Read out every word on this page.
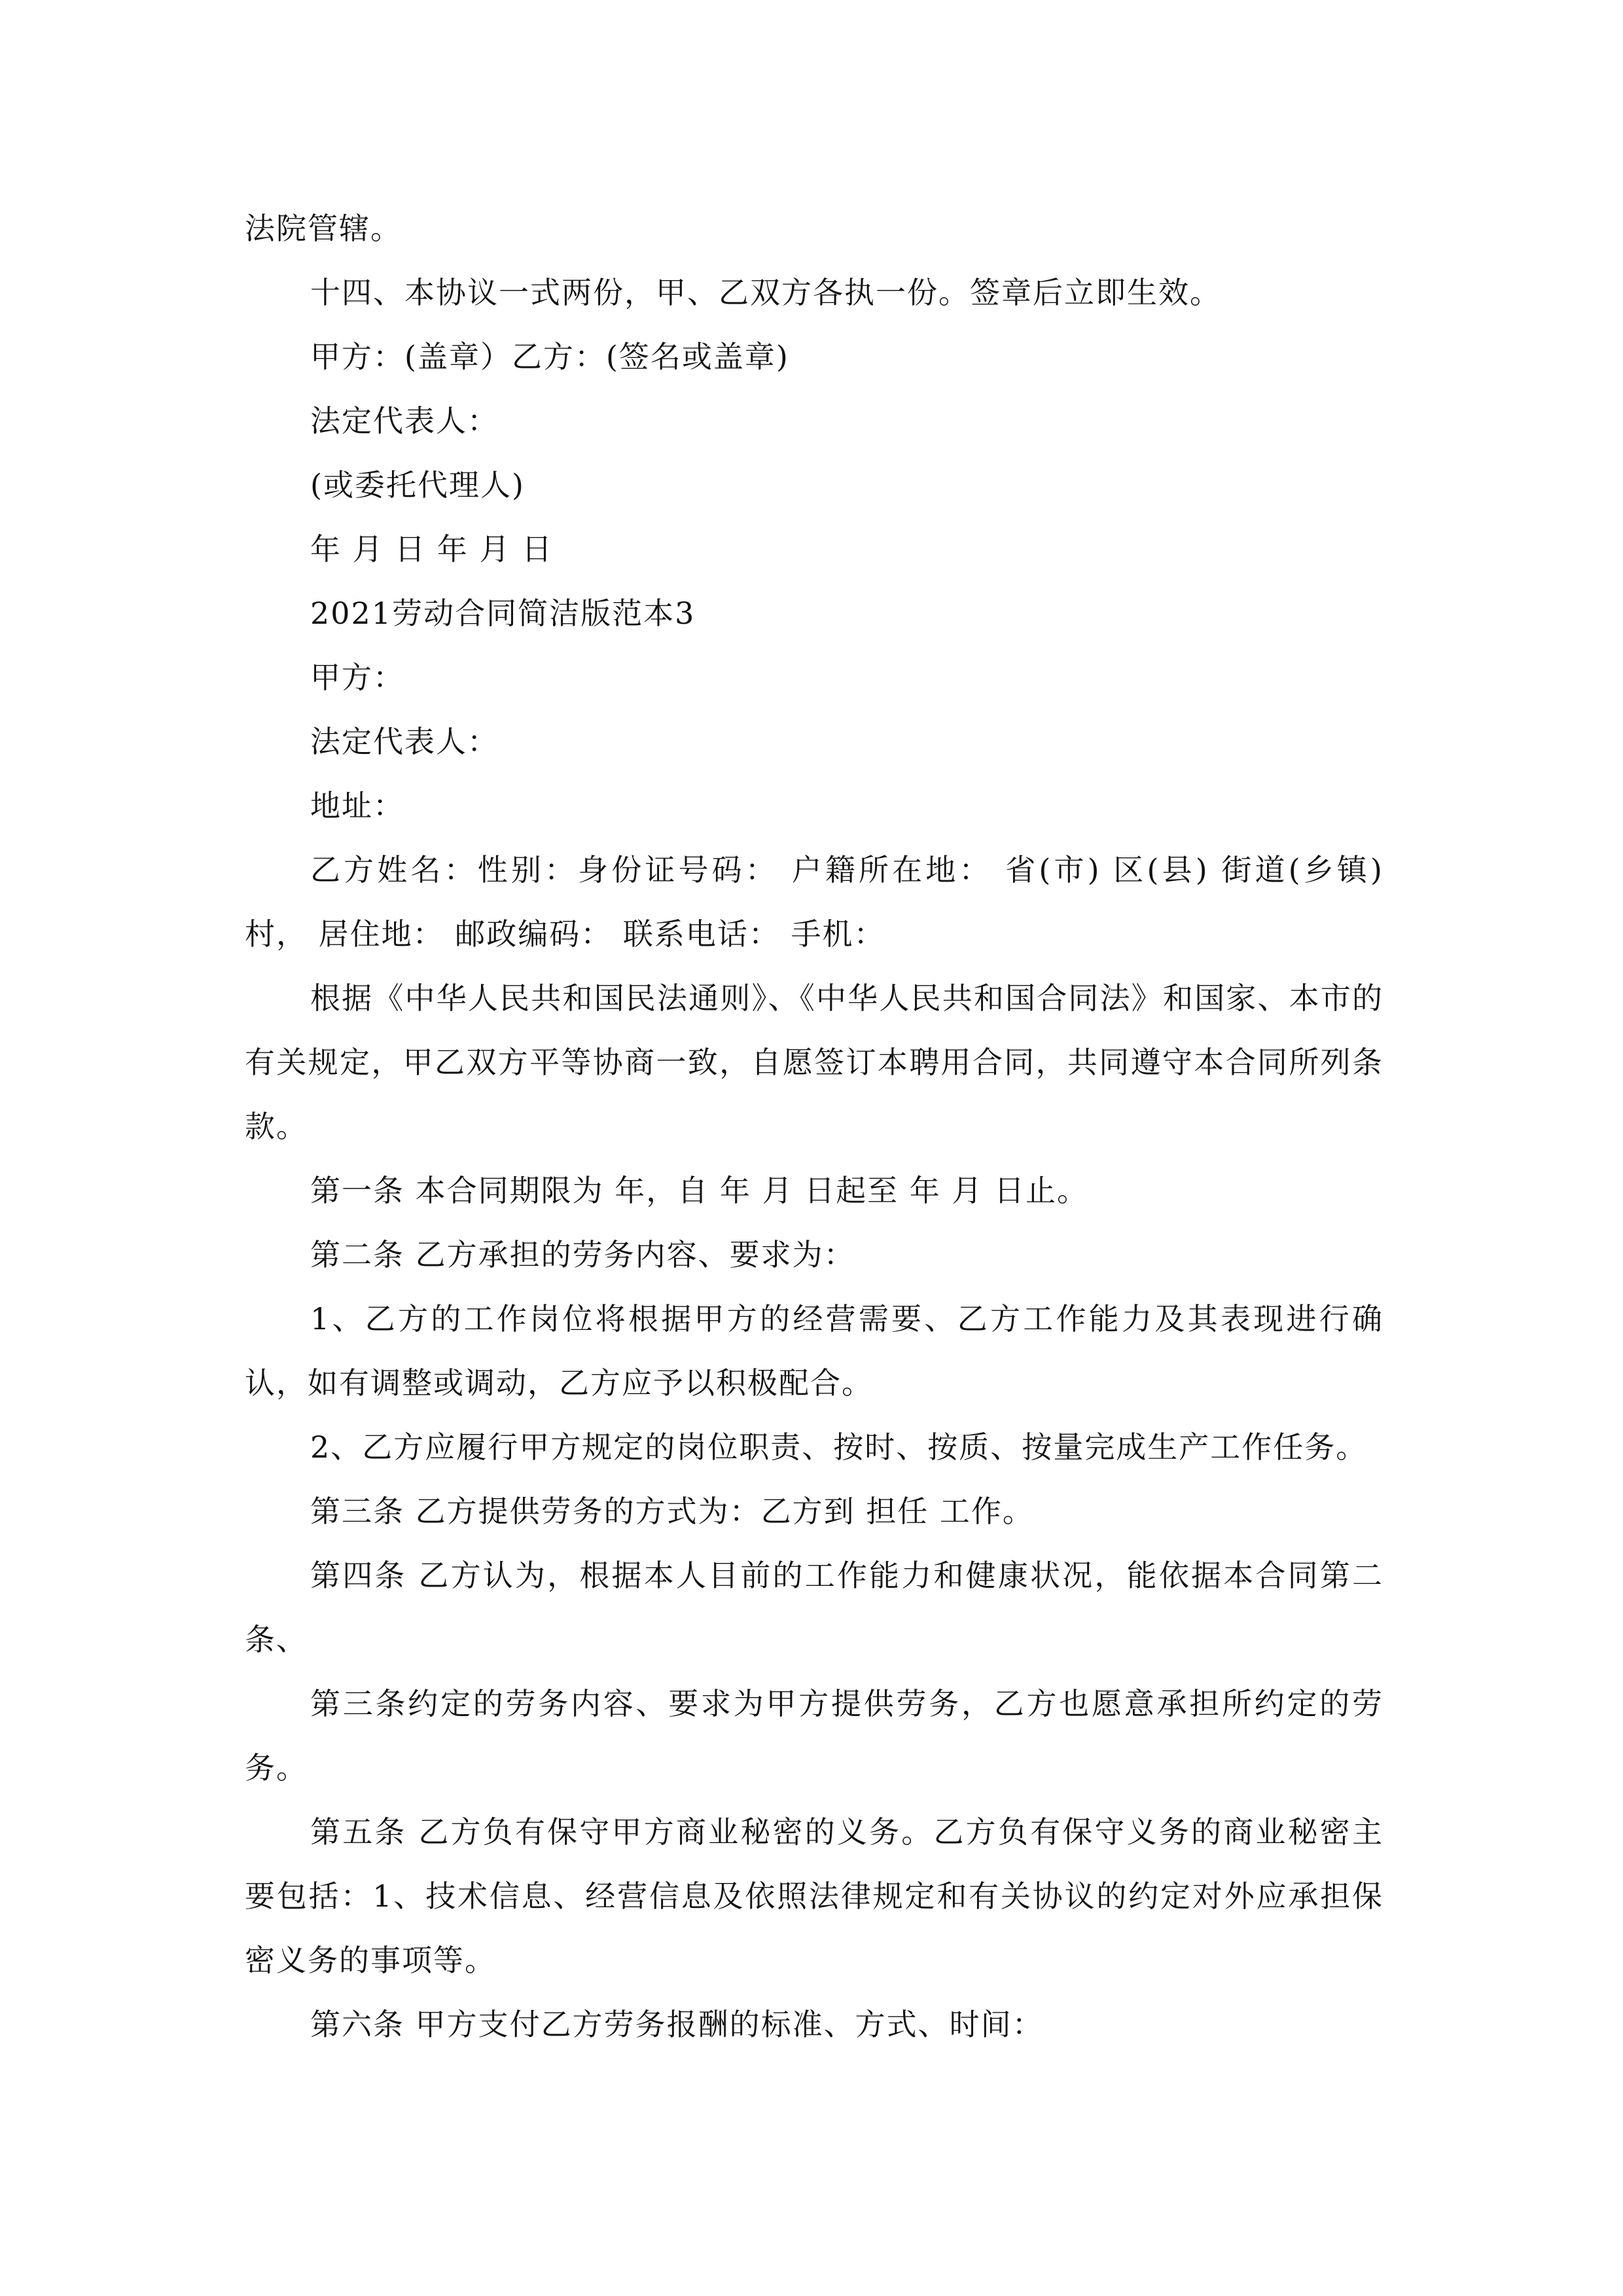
法院管辖。

十四、本协议一式两份，甲、乙双方各执一份。签章后立即生效。

甲方：(盖章）乙方：(签名或盖章)

法定代表人：

(或委托代理人)

年 月 日 年 月 日

2021劳动合同简洁版范本3

甲方：

法定代表人：

地址：

乙方姓名：性别：身份证号码： 户籍所在地： 省(市) 区(县) 街道(乡镇) 村， 居住地： 邮政编码： 联系电话： 手机：

根据《中华人民共和国民法通则》、《中华人民共和国合同法》和国家、本市的有关规定，甲乙双方平等协商一致，自愿签订本聘用合同，共同遵守本合同所列条款。

第一条 本合同期限为 年，自 年 月 日起至 年 月 日止。

第二条 乙方承担的劳务内容、要求为：

1、乙方的工作岗位将根据甲方的经营需要、乙方工作能力及其表现进行确认，如有调整或调动，乙方应予以积极配合。

2、乙方应履行甲方规定的岗位职责、按时、按质、按量完成生产工作任务。

第三条 乙方提供劳务的方式为：乙方到 担任 工作。

第四条 乙方认为，根据本人目前的工作能力和健康状况，能依据本合同第二条、

第三条约定的劳务内容、要求为甲方提供劳务，乙方也愿意承担所约定的劳务。

第五条 乙方负有保守甲方商业秘密的义务。乙方负有保守义务的商业秘密主要包括：1、技术信息、经营信息及依照法律规定和有关协议的约定对外应承担保密义务的事项等。

第六条 甲方支付乙方劳务报酬的标准、方式、时间：
